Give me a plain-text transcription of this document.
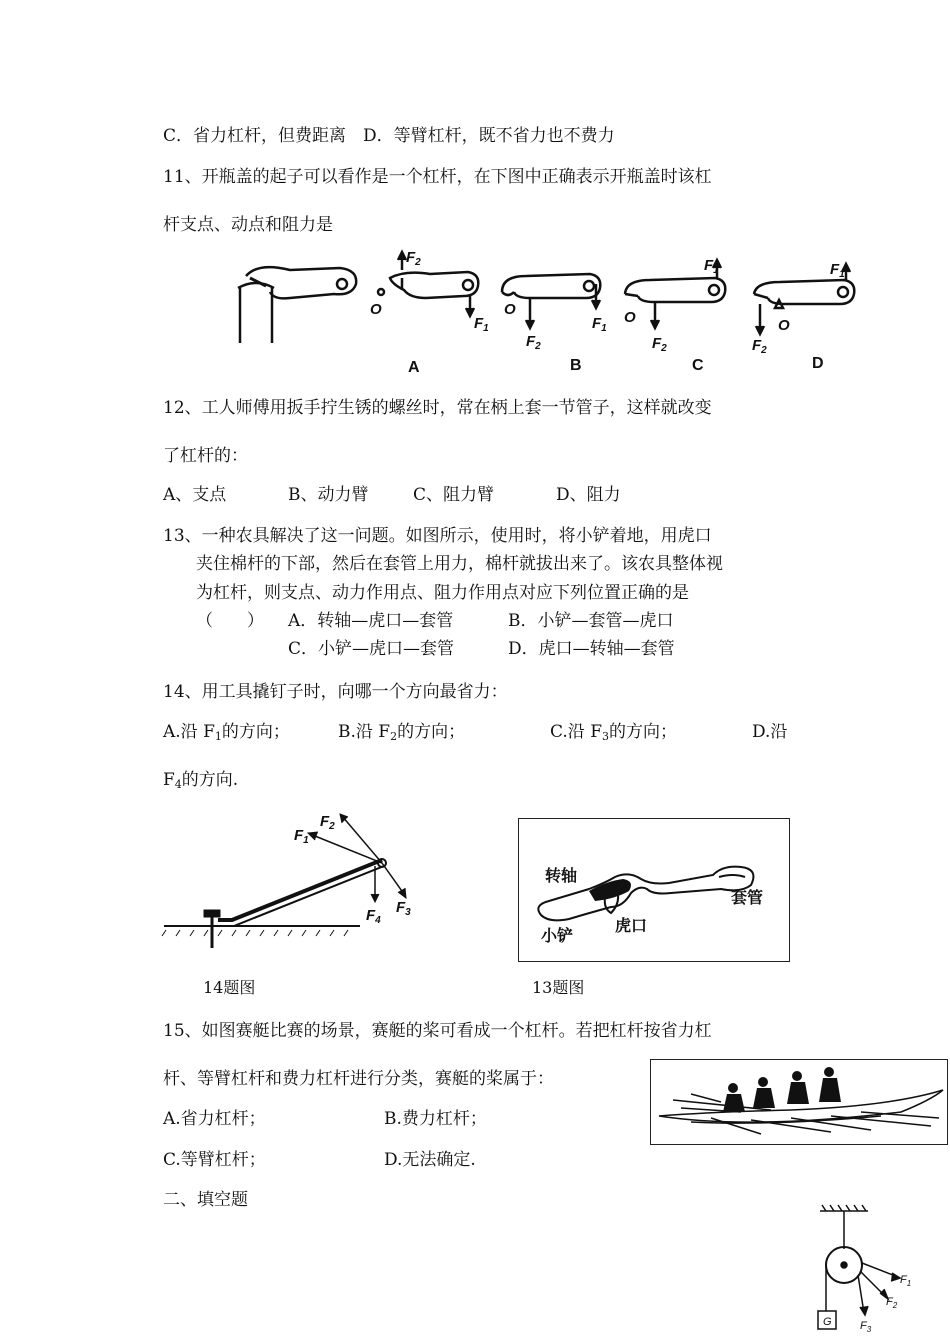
C．省力杠杆，但费距离　D．等臂杠杆，既不省力也不费力
11、开瓶盖的起子可以看作是一个杠杆，在下图中正确表示开瓶盖时该杠
杆支点、动点和阻力是
$F_2$
O
$F_1$
O
$F_2$
$F_1$
O
$F_2$
$F_1$
O
$F_2$
$F_1$
A	B	C	D
12、工人师傅用扳手拧生锈的螺丝时，常在柄上套一节管子，这样就改变
了杠杆的：
A、支点	B、动力臂	C、阻力臂	D、阻力
13、一种农具解决了这一问题。如图所示，使用时，将小铲着地，用虎口
夹住棉杆的下部，然后在套管上用力，棉杆就拔出来了。该农具整体视
为杠杆，则支点、动力作用点、阻力作用点对应下列位置正确的是
（　　） A．转轴—虎口—套管	B．小铲—套管—虎口
C．小铲—虎口—套管	D．虎口—转轴—套管
14、用工具撬钉子时，向哪一个方向最省力：
A.沿 $F_1$的方向；	B.沿 $F_2$的方向；	C.沿 $F_3$的方向；	D.沿
$F_4$的方向.
$F_1$
$F_2$
$F_3$
$F_4$
14题图
转轴
小铲
虎口
套管
13题图
15、如图赛艇比赛的场景，赛艇的桨可看成一个杠杆。若把杠杆按省力杠
杆、等臂杠杆和费力杠杆进行分类，赛艇的桨属于：
A.省力杠杆；	B.费力杠杆；
C.等臂杠杆；	D.无法确定.
二、填空题
G
$F_1$
$F_2$
$F_3$
